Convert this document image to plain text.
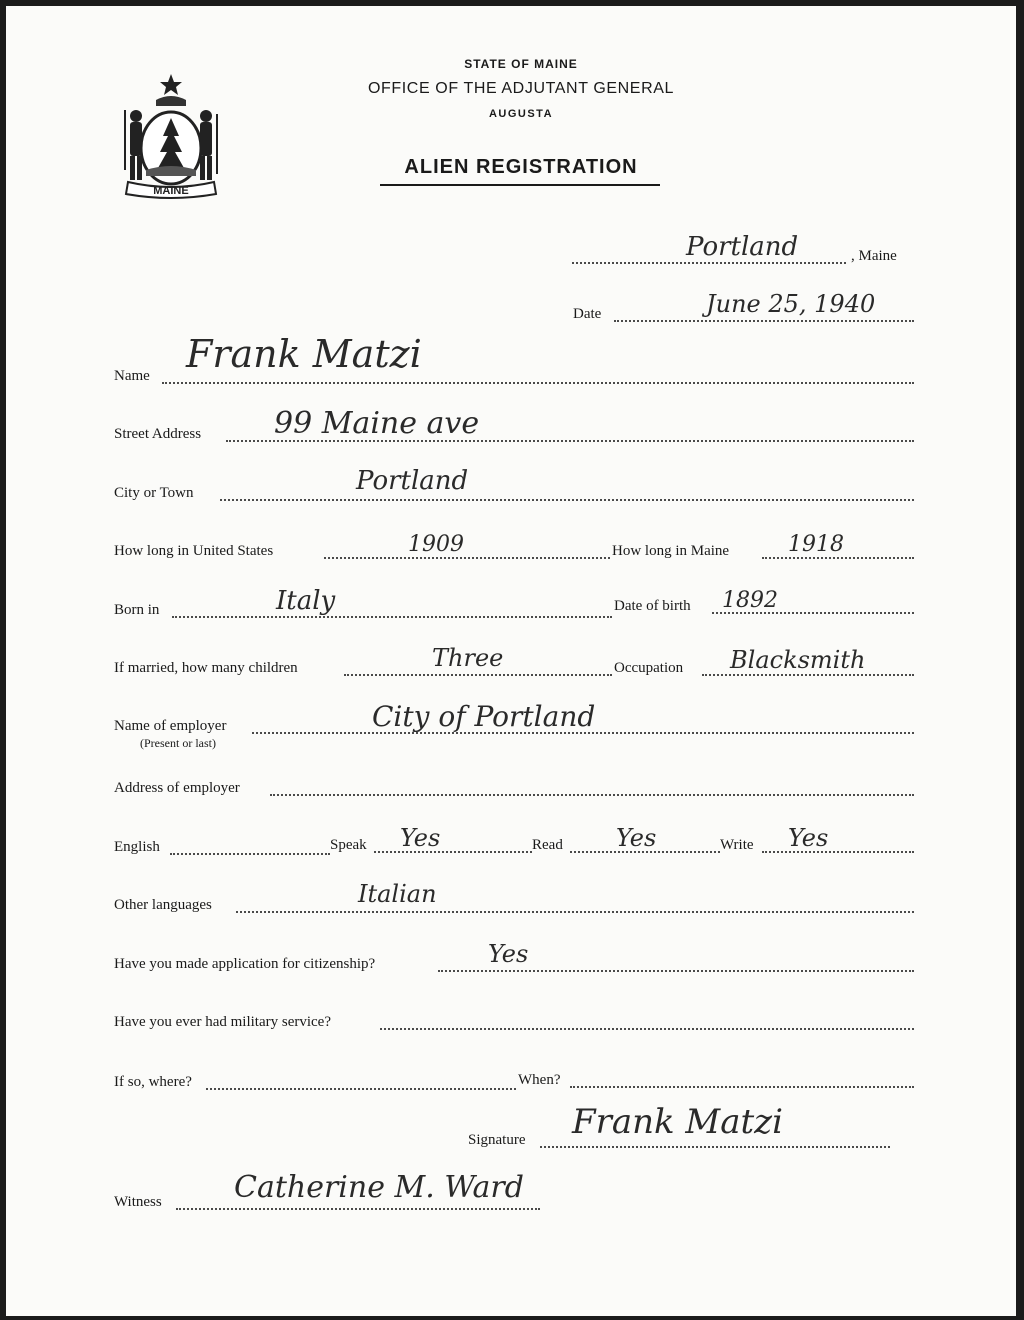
MAINE
STATE OF MAINE
OFFICE OF THE ADJUTANT GENERAL
AUGUSTA
ALIEN REGISTRATION
Portland	, Maine
Date	June 25, 1940
Name Frank Matzi
Street Address 99 Maine ave
City or Town	Portland
How long in United States	1909	How long in Maine	1918
Born in	Italy	Date of birth 1892
If married, how many children	Three	Occupation Blacksmith
Name of employer
(Present or last)
City of Portland
Address of employer
English	Speak Yes	Read Yes	Write Yes
Other languages	Italian
Have you made application for citizenship?	Yes
Have you ever had military service?
If so, where?	When?
Signature Frank Matzi
Witness Catherine M. Ward
